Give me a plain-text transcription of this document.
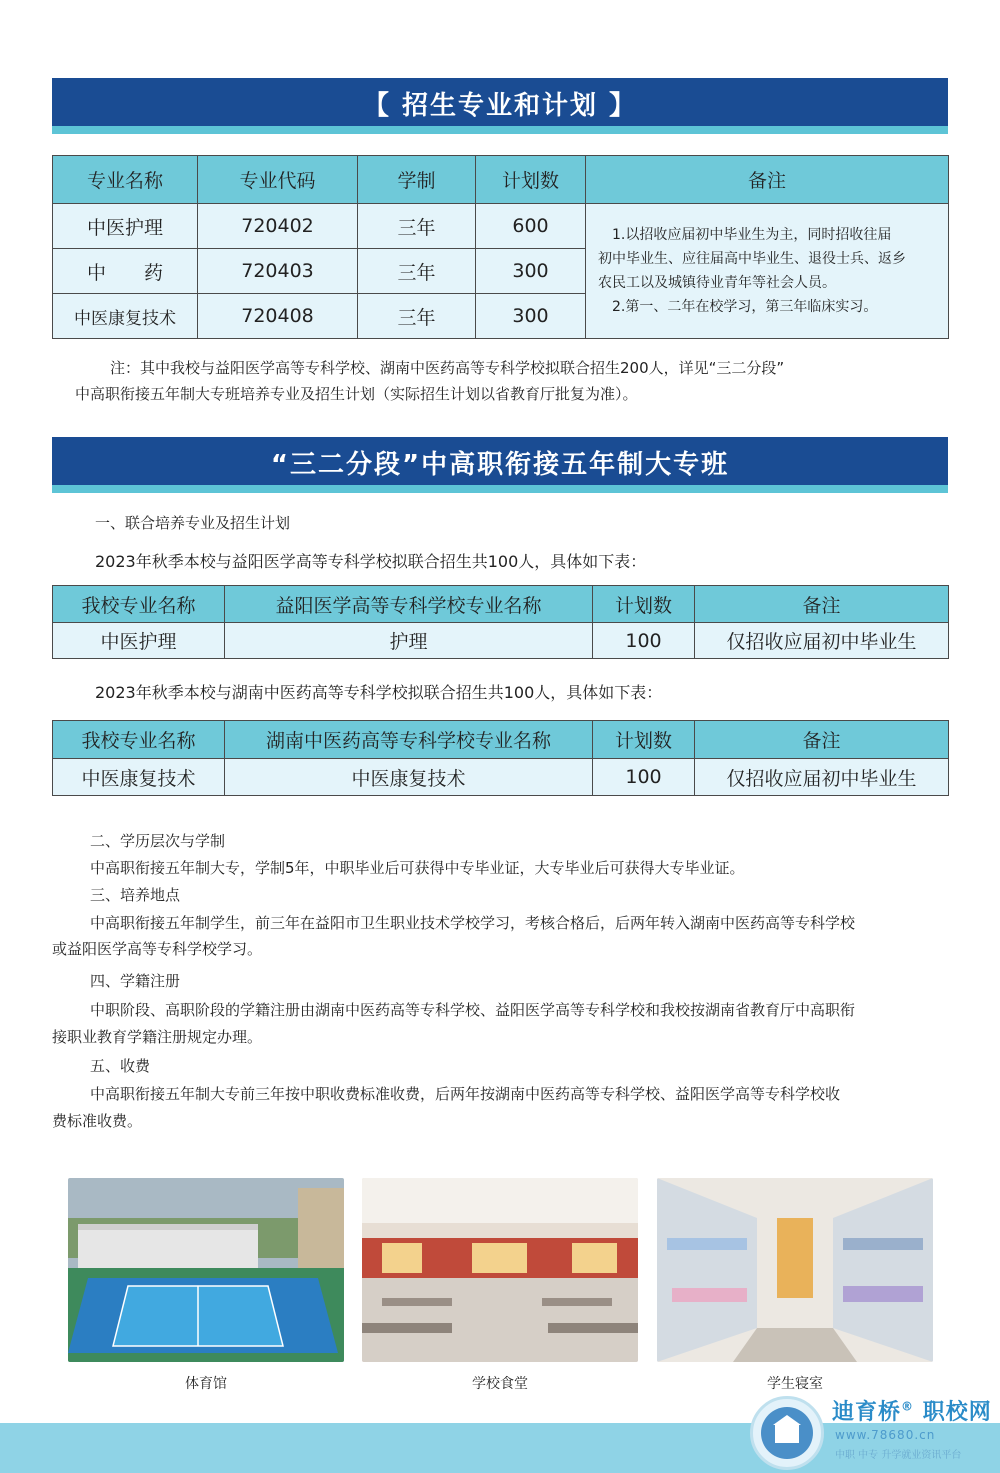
【 招生专业和计划 】
专业名称	专业代码	学制	计划数	备注
中医护理	720402	三年	600	　1.以招收应届初中毕业生为主，同时招收往届
初中毕业生、应往届高中毕业生、退役士兵、返乡
农民工以及城镇待业青年等社会人员。
　2.第一、二年在校学习，第三年临床实习。

中　　药	720403	三年	300	
中医康复技术	720408	三年	300	
注：其中我校与益阳医学高等专科学校、湖南中医药高等专科学校拟联合招生200人，详见“三二分段”
中高职衔接五年制大专班培养专业及招生计划（实际招生计划以省教育厅批复为准）。
“三二分段”中高职衔接五年制大专班
一、联合培养专业及招生计划
2023年秋季本校与益阳医学高等专科学校拟联合招生共100人，具体如下表：
我校专业名称	益阳医学高等专科学校专业名称	计划数	备注
中医护理	护理	100	仅招收应届初中毕业生
2023年秋季本校与湖南中医药高等专科学校拟联合招生共100人，具体如下表：
我校专业名称	湖南中医药高等专科学校专业名称	计划数	备注
中医康复技术	中医康复技术	100	仅招收应届初中毕业生
二、学历层次与学制
中高职衔接五年制大专，学制5年，中职毕业后可获得中专毕业证，大专毕业后可获得大专毕业证。
三、培养地点
中高职衔接五年制学生，前三年在益阳市卫生职业技术学校学习，考核合格后，后两年转入湖南中医药高等专科学校
或益阳医学高等专科学校学习。
四、学籍注册
中职阶段、高职阶段的学籍注册由湖南中医药高等专科学校、益阳医学高等专科学校和我校按湖南省教育厅中高职衔
接职业教育学籍注册规定办理。
五、收费
中高职衔接五年制大专前三年按中职收费标准收费，后两年按湖南中医药高等专科学校、益阳医学高等专科学校收
费标准收费。
体育馆	学校食堂	学生寝室
迪育桥® 职校网
www.78680.cn
中职 中专 升学就业资讯平台
